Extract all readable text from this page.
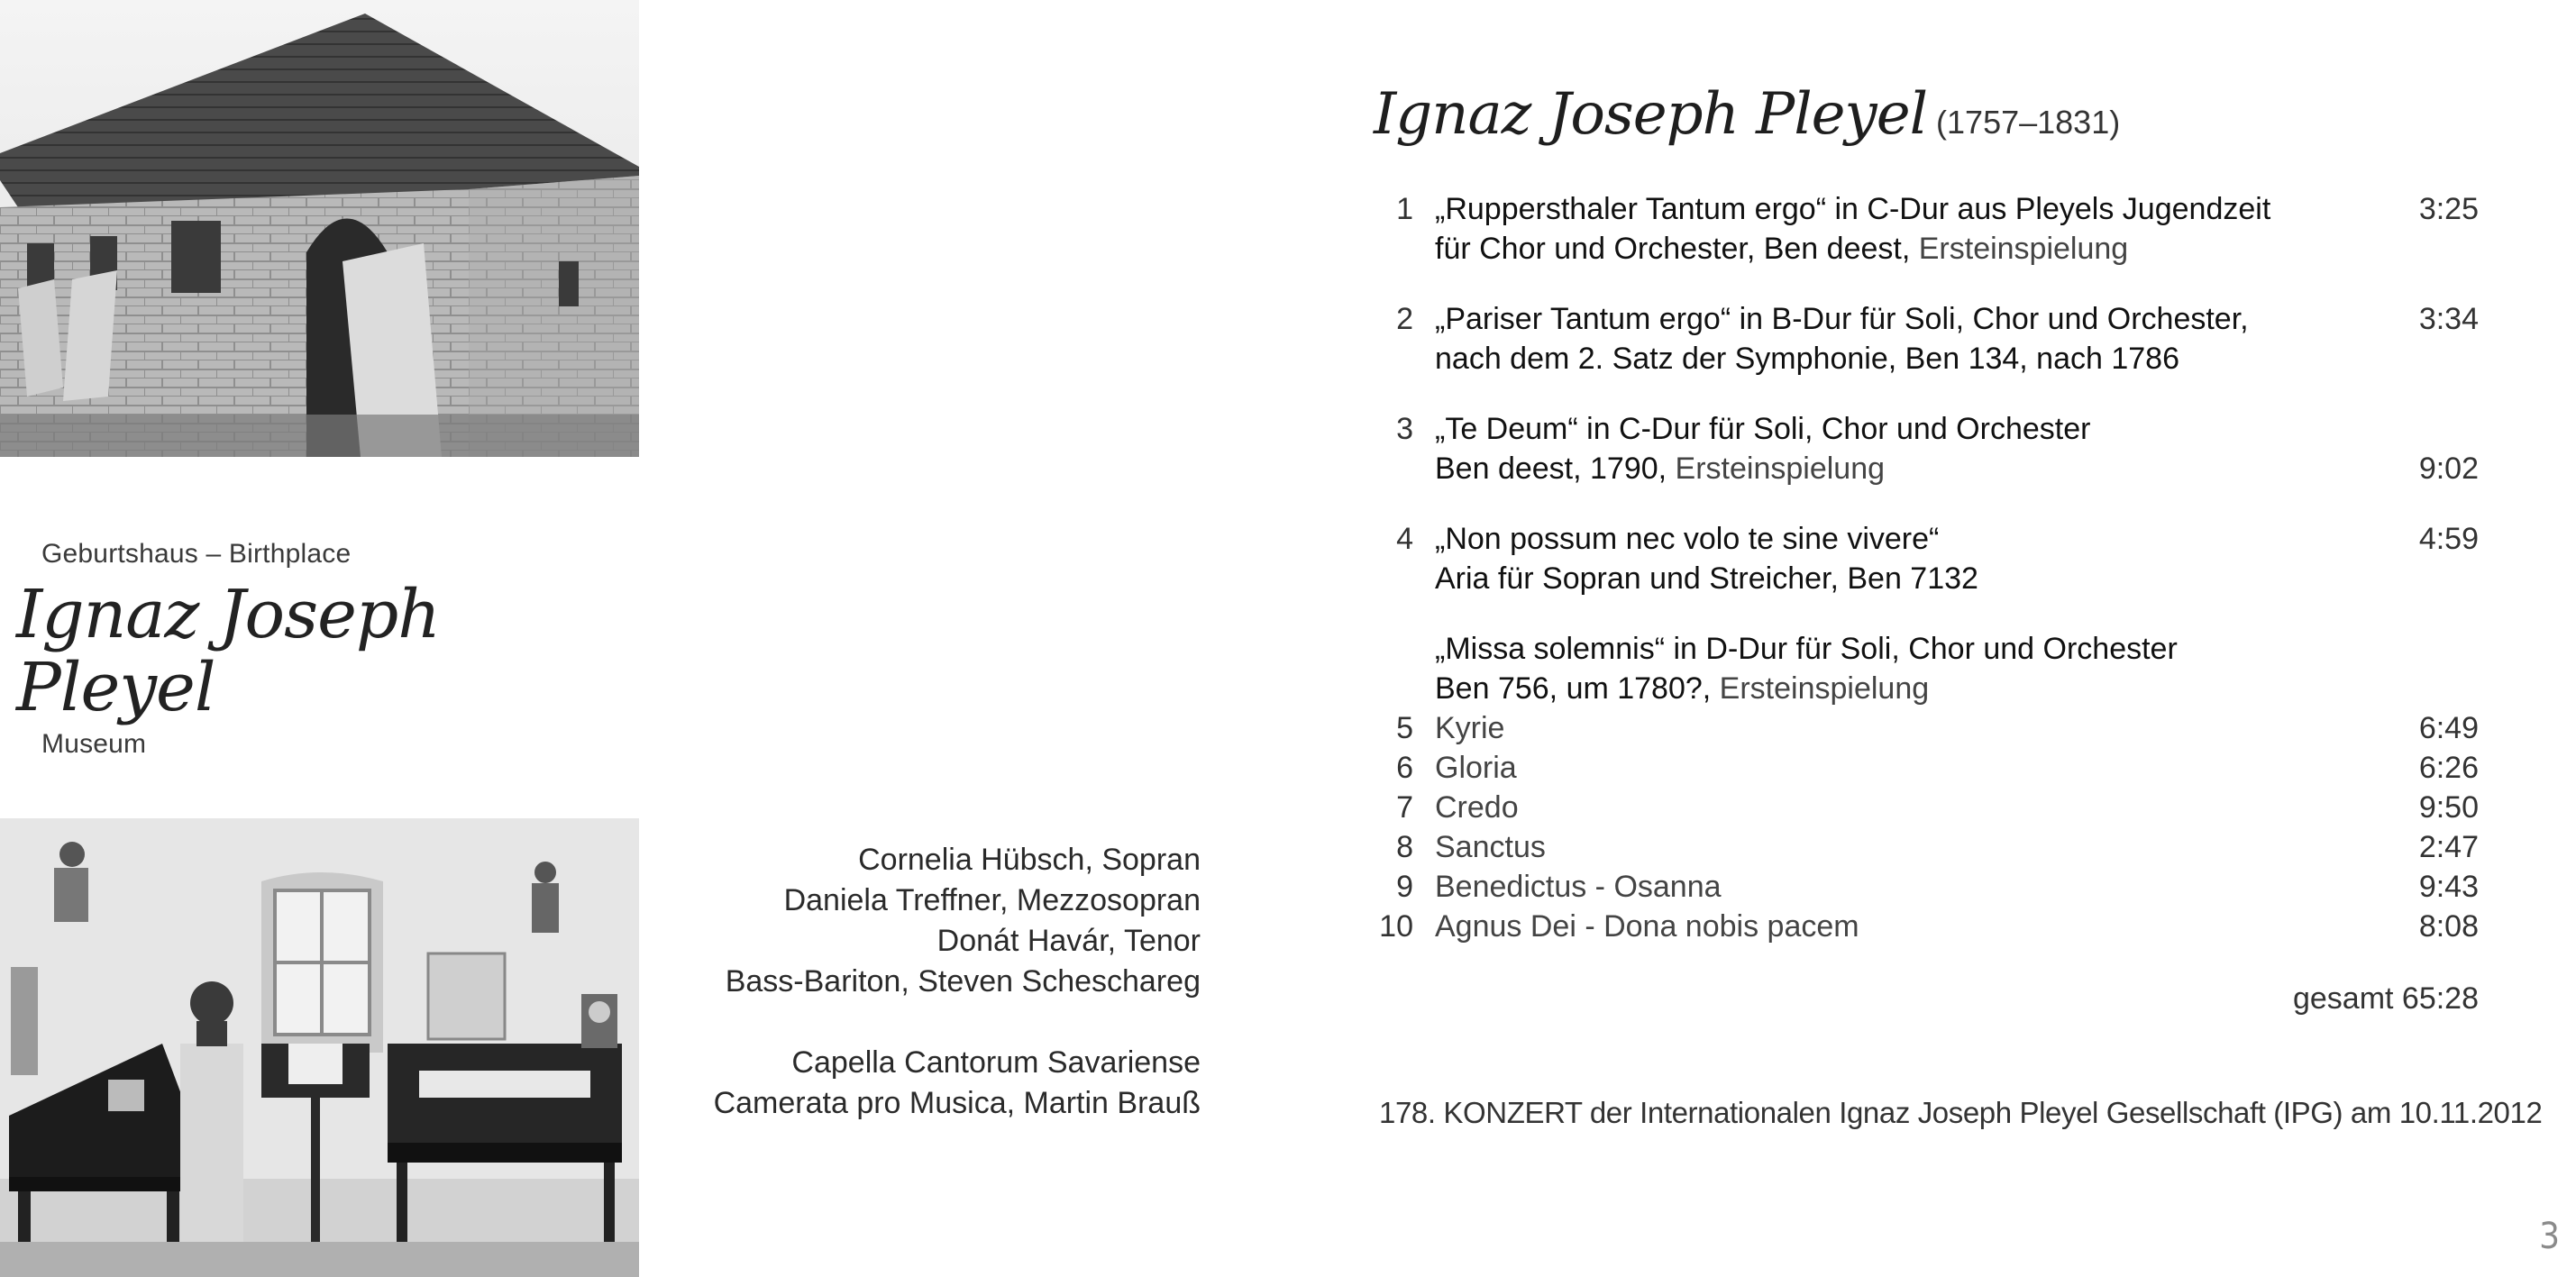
Geburtshaus – Birthplace
Ignaz Joseph Pleyel
Museum
Cornelia Hübsch, Sopran
Daniela Treffner, Mezzosopran
Donát Havár, Tenor
Bass-Bariton, Steven Scheschareg
Capella Cantorum Savariense
Camerata pro Musica, Martin Brauß
Ignaz Joseph Pleyel (1757–1831)
1 „Ruppersthaler Tantum ergo“ in C-Dur aus Pleyels Jugendzeit	3:25
für Chor und Orchester, Ben deest, Ersteinspielung
2 „Pariser Tantum ergo“ in B-Dur für Soli, Chor und Orchester,	3:34
nach dem 2. Satz der Symphonie, Ben 134, nach 1786
3 „Te Deum“ in C-Dur für Soli, Chor und Orchester
Ben deest, 1790, Ersteinspielung	9:02
4 „Non possum nec volo te sine vivere“	4:59
Aria für Sopran und Streicher, Ben 7132
„Missa solemnis“ in D-Dur für Soli, Chor und Orchester
Ben 756, um 1780?, Ersteinspielung
5 Kyrie	6:49
6 Gloria	6:26
7 Credo	9:50
8 Sanctus	2:47
9 Benedictus - Osanna	9:43
10 Agnus Dei - Dona nobis pacem	8:08
gesamt 65:28
178. KONZERT der Internationalen Ignaz Joseph Pleyel Gesellschaft (IPG) am 10.11.2012
3
